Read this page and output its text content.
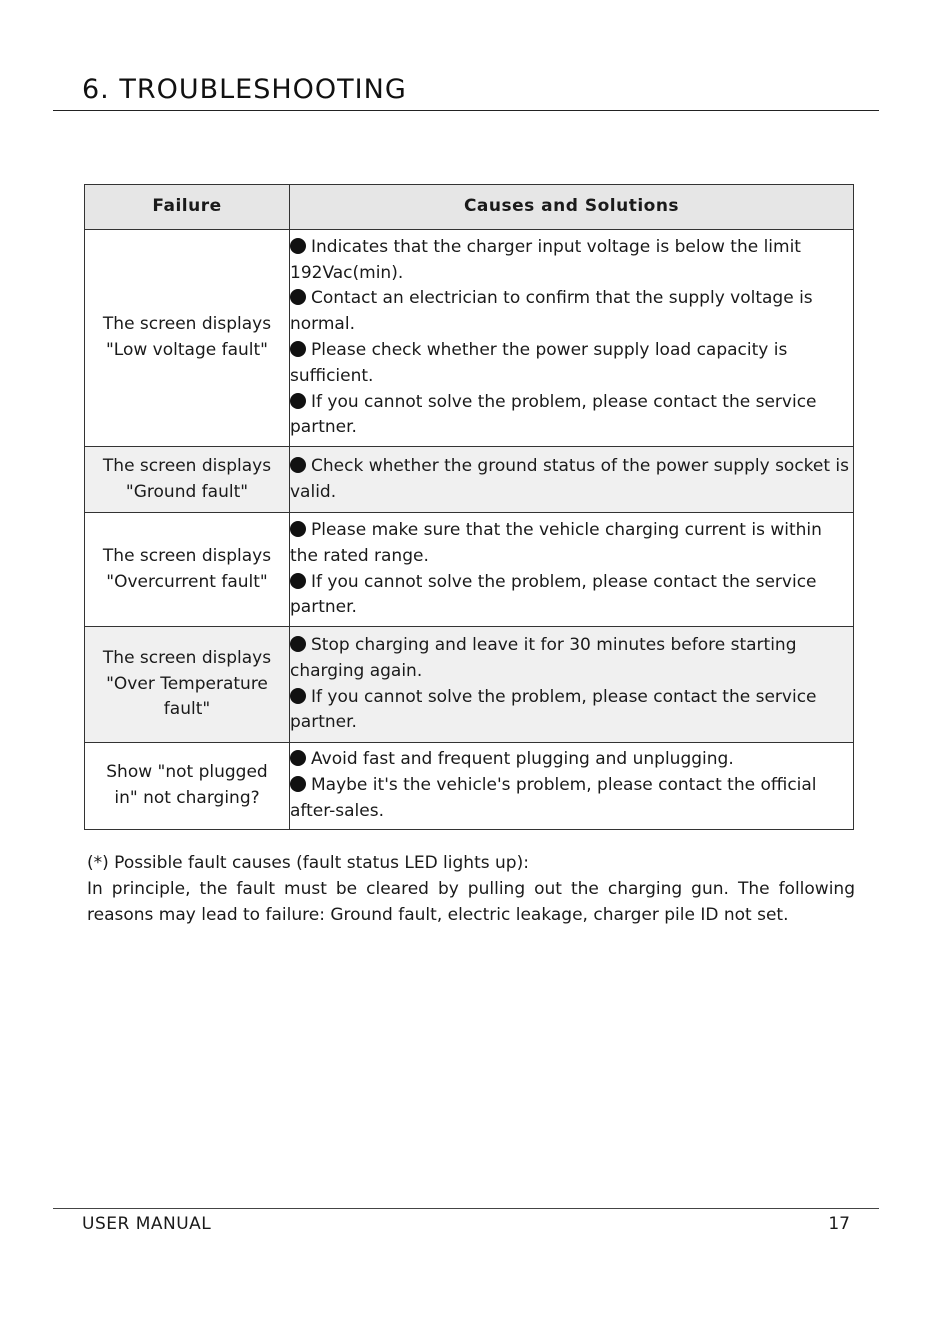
6. TROUBLESHOOTING
Failure	Causes and Solutions

The screen displays
"Low voltage fault"	Indicates that the charger input voltage is below the limit 192Vac(min).
Contact an electrician to confirm that the supply voltage is normal.
Please check whether the power supply load capacity is sufficient.
If you cannot solve the problem, please contact the service partner.

The screen displays
"Ground fault"	Check whether the ground status of the power supply socket is valid.

The screen displays
"Overcurrent fault"	Please make sure that the vehicle charging current is within the rated range.
If you cannot solve the problem, please contact the service partner.

The screen displays
"Over Temperature
fault"	Stop charging and leave it for 30 minutes before starting charging again.
If you cannot solve the problem, please contact the service partner.

Show "not plugged
in" not charging?	Avoid fast and frequent plugging and unplugging.
Maybe it's the vehicle's problem, please contact the official after-sales.

(*) Possible fault causes (fault status LED lights up):

In principle, the fault must be cleared by pulling out the charging gun. The following reasons may lead to failure: Ground fault, electric leakage, charger pile ID not set.

USER MANUAL	17
